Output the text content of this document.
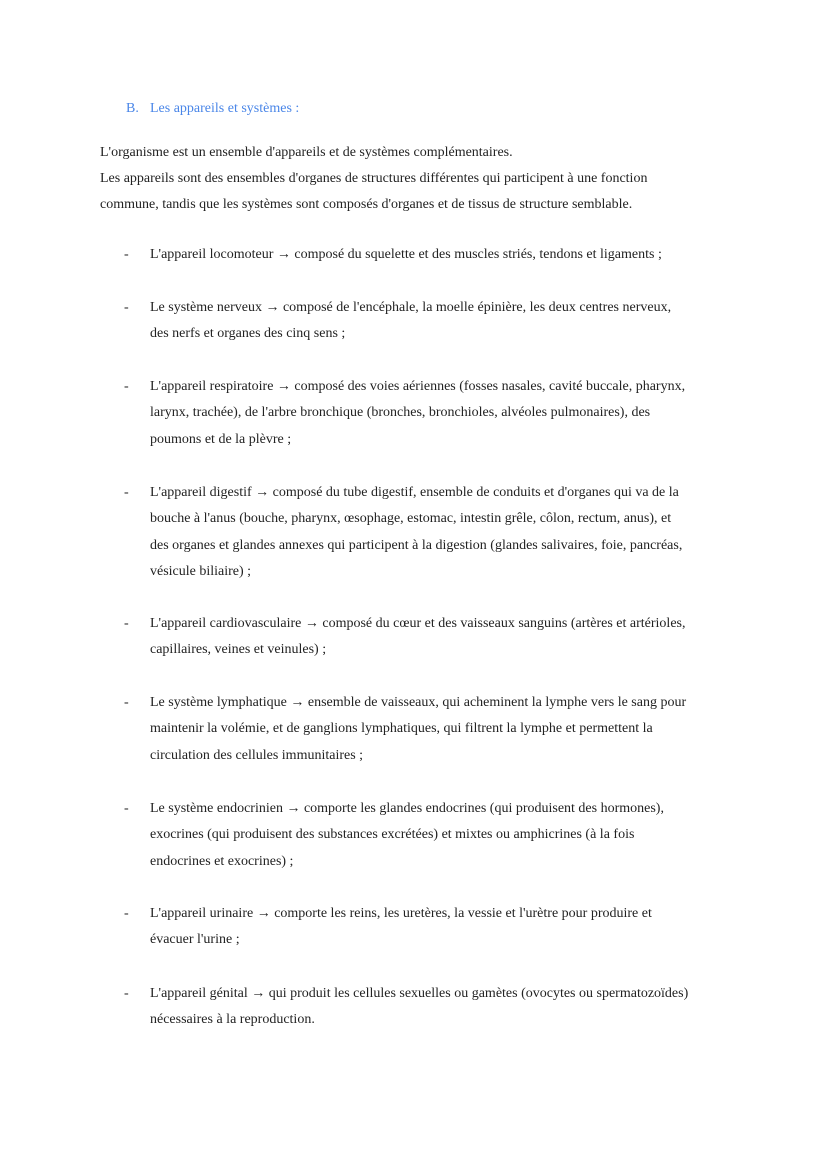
B. Les appareils et systèmes :

L'organisme est un ensemble d'appareils et de systèmes complémentaires.

Les appareils sont des ensembles d'organes de structures différentes qui participent à une fonction

commune, tandis que les systèmes sont composés d'organes et de tissus de structure semblable.

-	L'appareil locomoteur → composé du squelette et des muscles striés, tendons et ligaments ;
-	Le système nerveux → composé de l'encéphale, la moelle épinière, les deux centres nerveux,
des nerfs et organes des cinq sens ;
-	L'appareil respiratoire → composé des voies aériennes (fosses nasales, cavité buccale, pharynx,
larynx, trachée), de l'arbre bronchique (bronches, bronchioles, alvéoles pulmonaires), des
poumons et de la plèvre ;
-	L'appareil digestif → composé du tube digestif, ensemble de conduits et d'organes qui va de la
bouche à l'anus (bouche, pharynx, œsophage, estomac, intestin grêle, côlon, rectum, anus), et
des organes et glandes annexes qui participent à la digestion (glandes salivaires, foie, pancréas,
vésicule biliaire) ;
-	L'appareil cardiovasculaire → composé du cœur et des vaisseaux sanguins (artères et artérioles,
capillaires, veines et veinules) ;
-	Le système lymphatique → ensemble de vaisseaux, qui acheminent la lymphe vers le sang pour
maintenir la volémie, et de ganglions lymphatiques, qui filtrent la lymphe et permettent la
circulation des cellules immunitaires ;
-	Le système endocrinien → comporte les glandes endocrines (qui produisent des hormones),
exocrines (qui produisent des substances excrétées) et mixtes ou amphicrines (à la fois
endocrines et exocrines) ;
-	L'appareil urinaire → comporte les reins, les uretères, la vessie et l'urètre pour produire et
évacuer l'urine ;
-	L'appareil génital → qui produit les cellules sexuelles ou gamètes (ovocytes ou spermatozoïdes)
nécessaires à la reproduction.
